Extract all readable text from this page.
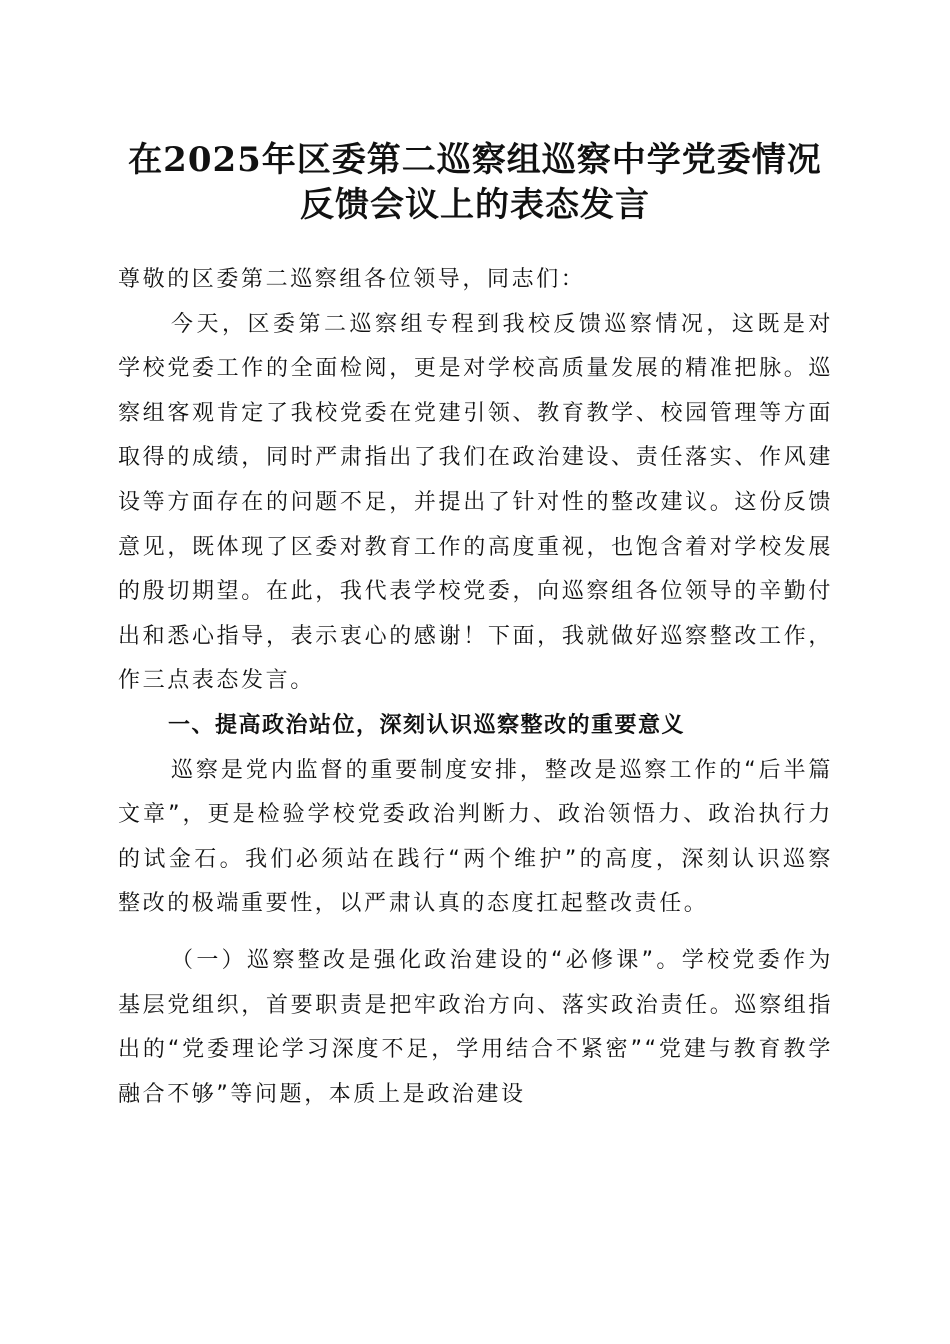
在2025年区委第二巡察组巡察中学党委情况
反馈会议上的表态发言

尊敬的区委第二巡察组各位领导，同志们：

今天，区委第二巡察组专程到我校反馈巡察情况，这既是对学校党委工作的全面检阅，更是对学校高质量发展的精准把脉。巡察组客观肯定了我校党委在党建引领、教育教学、校园管理等方面取得的成绩，同时严肃指出了我们在政治建设、责任落实、作风建设等方面存在的问题不足，并提出了针对性的整改建议。这份反馈意见，既体现了区委对教育工作的高度重视，也饱含着对学校发展的殷切期望。在此，我代表学校党委，向巡察组各位领导的辛勤付出和悉心指导，表示衷心的感谢！下面，我就做好巡察整改工作，作三点表态发言。

一、提高政治站位，深刻认识巡察整改的重要意义

巡察是党内监督的重要制度安排，整改是巡察工作的“后半篇文章”，更是检验学校党委政治判断力、政治领悟力、政治执行力的试金石。我们必须站在践行“两个维护”的高度，深刻认识巡察整改的极端重要性，以严肃认真的态度扛起整改责任。

（一）巡察整改是强化政治建设的“必修课”。学校党委作为基层党组织，首要职责是把牢政治方向、落实政治责任。巡察组指出的“党委理论学习深度不足，学用结合不紧密”“党建与教育教学融合不够”等问题，本质上是政治建设
